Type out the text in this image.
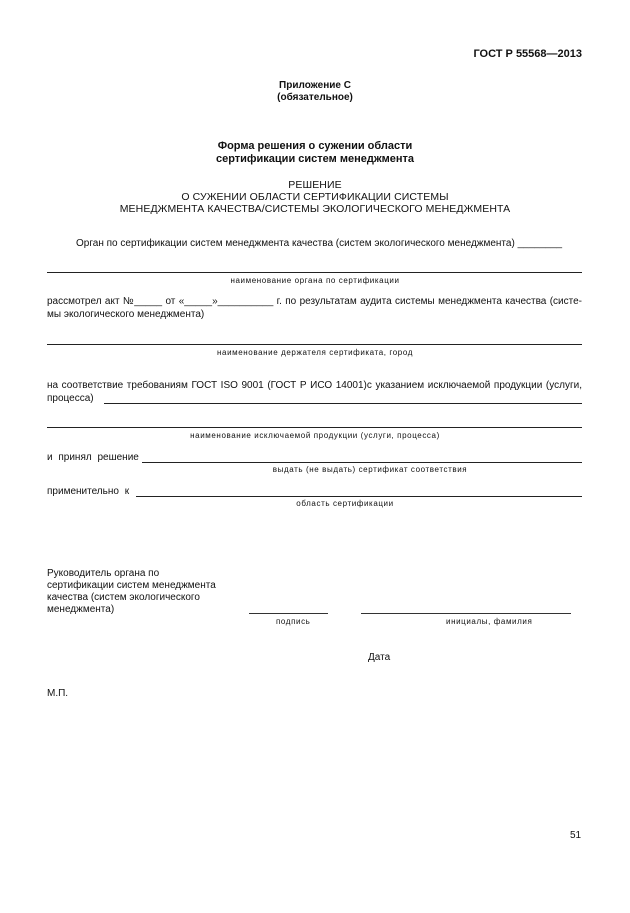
ГОСТ Р 55568—2013
Приложение С
(обязательное)
Форма решения о сужении области
сертификации систем менеджмента
РЕШЕНИЕ
О СУЖЕНИИ ОБЛАСТИ СЕРТИФИКАЦИИ СИСТЕМЫ
МЕНЕДЖМЕНТА КАЧЕСТВА/СИСТЕМЫ ЭКОЛОГИЧЕСКОГО МЕНЕДЖМЕНТА
Орган по сертификации систем менеджмента качества (систем экологического менеджмента) ________
наименование органа по сертификации
рассмотрел акт №_____ от «_____»__________ г. по результатам аудита системы менеджмента качества (систе-
мы экологического менеджмента)
наименование держателя сертификата, город
на соответствие требованиям ГОСТ ISO 9001 (ГОСТ Р ИСО 14001)с указанием исключаемой продукции (услуги,
процесса)
наименование исключаемой продукции (услуги, процесса)
и принял решение
выдать (не выдать) сертификат соответствия
применительно к
область сертификации
Руководитель органа по
сертификации систем менеджмента
качества (систем экологического
менеджмента)
подпись	инициалы, фамилия
Дата
М.П.
51
